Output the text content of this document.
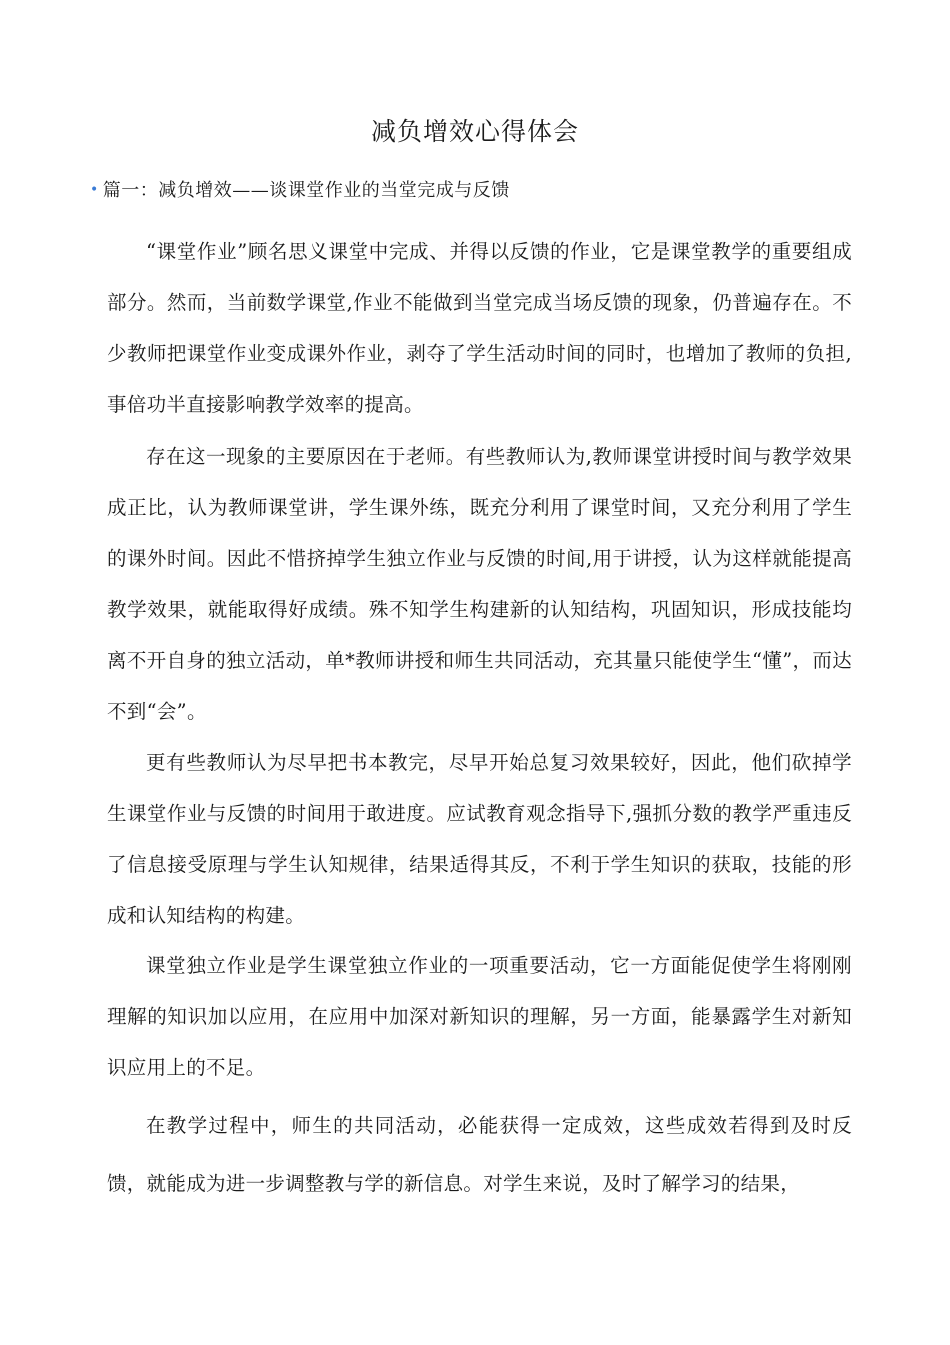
减负增效心得体会
• 篇一：减负增效——谈课堂作业的当堂完成与反馈

“课堂作业”顾名思义课堂中完成、并得以反馈的作业，它是课堂教学的重要组成部分。然而，当前数学课堂,作业不能做到当堂完成当场反馈的现象，仍普遍存在。不少教师把课堂作业变成课外作业，剥夺了学生活动时间的同时，也增加了教师的负担,事倍功半直接影响教学效率的提高。

存在这一现象的主要原因在于老师。有些教师认为,教师课堂讲授时间与教学效果成正比，认为教师课堂讲，学生课外练，既充分利用了课堂时间，又充分利用了学生的课外时间。因此不惜挤掉学生独立作业与反馈的时间,用于讲授，认为这样就能提高教学效果，就能取得好成绩。殊不知学生构建新的认知结构，巩固知识，形成技能均离不开自身的独立活动，单*教师讲授和师生共同活动，充其量只能使学生“懂”，而达不到“会”。

更有些教师认为尽早把书本教完，尽早开始总复习效果较好，因此，他们砍掉学生课堂作业与反馈的时间用于敢进度。应试教育观念指导下,强抓分数的教学严重违反了信息接受原理与学生认知规律，结果适得其反，不利于学生知识的获取，技能的形成和认知结构的构建。

课堂独立作业是学生课堂独立作业的一项重要活动，它一方面能促使学生将刚刚理解的知识加以应用，在应用中加深对新知识的理解，另一方面，能暴露学生对新知识应用上的不足。

在教学过程中，师生的共同活动，必能获得一定成效，这些成效若得到及时反馈，就能成为进一步调整教与学的新信息。对学生来说，及时了解学习的结果，
